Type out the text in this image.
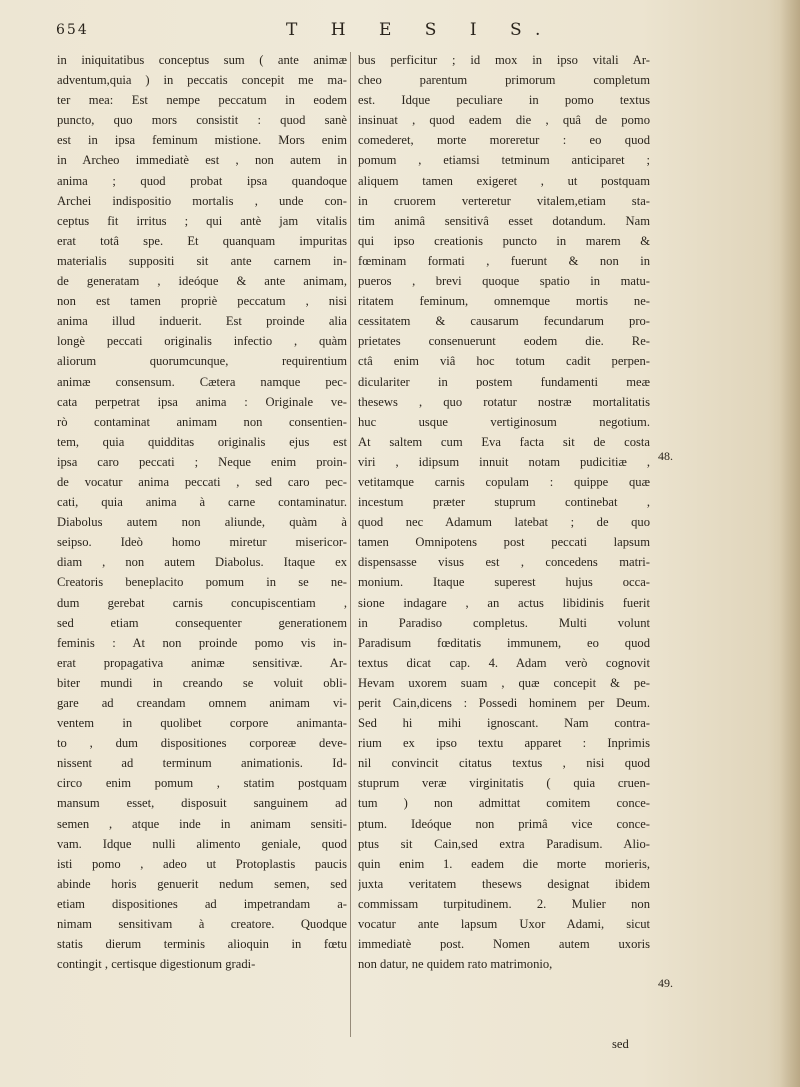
654	T H E S I S.
in iniquitatibus conceptus sum ( ante animæ
adventum,quia ) in peccatis concepit me ma-
ter mea: Est nempe peccatum in eodem
puncto, quo mors consistit : quod sanè
est in ipsa feminum mistione. Mors enim
in Archeo immediatè est , non autem in
anima ; quod probat ipsa quandoque
Archei indispositio mortalis , unde con-
ceptus fit irritus ; qui antè jam vitalis
erat totâ spe. Et quanquam impuritas
materialis suppositi sit ante carnem in-
de generatam , ideóque & ante animam,
non est tamen propriè peccatum , nisi
anima illud induerit. Est proinde alia
longè peccati originalis infectio , quàm
aliorum quorumcunque, requirentium
animæ consensum. Cætera namque pec-
cata perpetrat ipsa anima : Originale ve-
rò contaminat animam non consentien-
tem, quia quidditas originalis ejus est
ipsa caro peccati ; Neque enim proin-
de vocatur anima peccati , sed caro pec-
cati, quia anima à carne contaminatur.
Diabolus autem non aliunde, quàm à
seipso. Ideò homo miretur misericor-
diam , non autem Diabolus. Itaque ex
Creatoris beneplacito pomum in se ne-
dum gerebat carnis concupiscentiam ,
sed etiam consequenter generationem
feminis : At non proinde pomo vis in-
erat propagativa animæ sensitivæ. Ar-
biter mundi in creando se voluit obli-
gare ad creandam omnem animam vi-
ventem in quolibet corpore animanta-
to , dum dispositiones corporeæ deve-
nissent ad terminum animationis. Id-
circo enim pomum , statim postquam
mansum esset, disposuit sanguinem ad
semen , atque inde in animam sensiti-
vam. Idque nulli alimento geniale, quod
isti pomo , adeo ut Protoplastis paucis
abinde horis genuerit nedum semen, sed
etiam dispositiones ad impetrandam a-
nimam sensitivam à creatore. Quodque
statis dierum terminis alioquin in fœtu
contingit , certisque digestionum gradi-
bus perficitur ; id mox in ipso vitali Ar-
cheo parentum primorum completum
est. Idque peculiare in pomo textus
insinuat , quod eadem die , quâ de pomo
comederet, morte moreretur : eo quod
pomum , etiamsi tetminum anticiparet ;
aliquem tamen exigeret , ut postquam
in cruorem verteretur vitalem,etiam sta-
tim animâ sensitivâ esset dotandum. Nam
qui ipso creationis puncto in marem &
fœminam formati , fuerunt & non in
pueros , brevi quoque spatio in matu-
ritatem feminum, omnemque mortis ne-
cessitatem & causarum fecundarum pro-
prietates consenuerunt eodem die. Re-
ctâ enim viâ hoc totum cadit perpen-
diculariter in postem fundamenti meæ
thesews , quo rotatur nostræ mortalitatis
huc usque vertiginosum negotium.
At saltem cum Eva facta sit de costa
viri , idipsum innuit notam pudicitiæ ,
vetitamque carnis copulam : quippe quæ
incestum præter stuprum continebat ,
quod nec Adamum latebat ; de quo
tamen Omnipotens post peccati lapsum
dispensasse visus est , concedens matri-
monium. Itaque superest hujus occa-
sione indagare , an actus libidinis fuerit
in Paradiso completus. Multi volunt
Paradisum fœditatis immunem, eo quod
textus dicat cap. 4. Adam verò cognovit
Hevam uxorem suam , quæ concepit & pe-
perit Cain,dicens : Possedi hominem per Deum.
Sed hi mihi ignoscant. Nam contra-
rium ex ipso textu apparet : Inprimis
nil convincit citatus textus , nisi quod
stuprum veræ virginitatis ( quia cruen-
tum ) non admittat comitem conce-
ptum. Ideóque non primâ vice conce-
ptus sit Cain,sed extra Paradisum. Alio-
quin enim 1. eadem die morte morieris,
juxta veritatem thesews designat ibidem
commissam turpitudinem. 2. Mulier non
vocatur ante lapsum Uxor Adami, sicut
immediatè post. Nomen autem uxoris
non datur, ne quidem rato matrimonio,
48.
49.
sed
